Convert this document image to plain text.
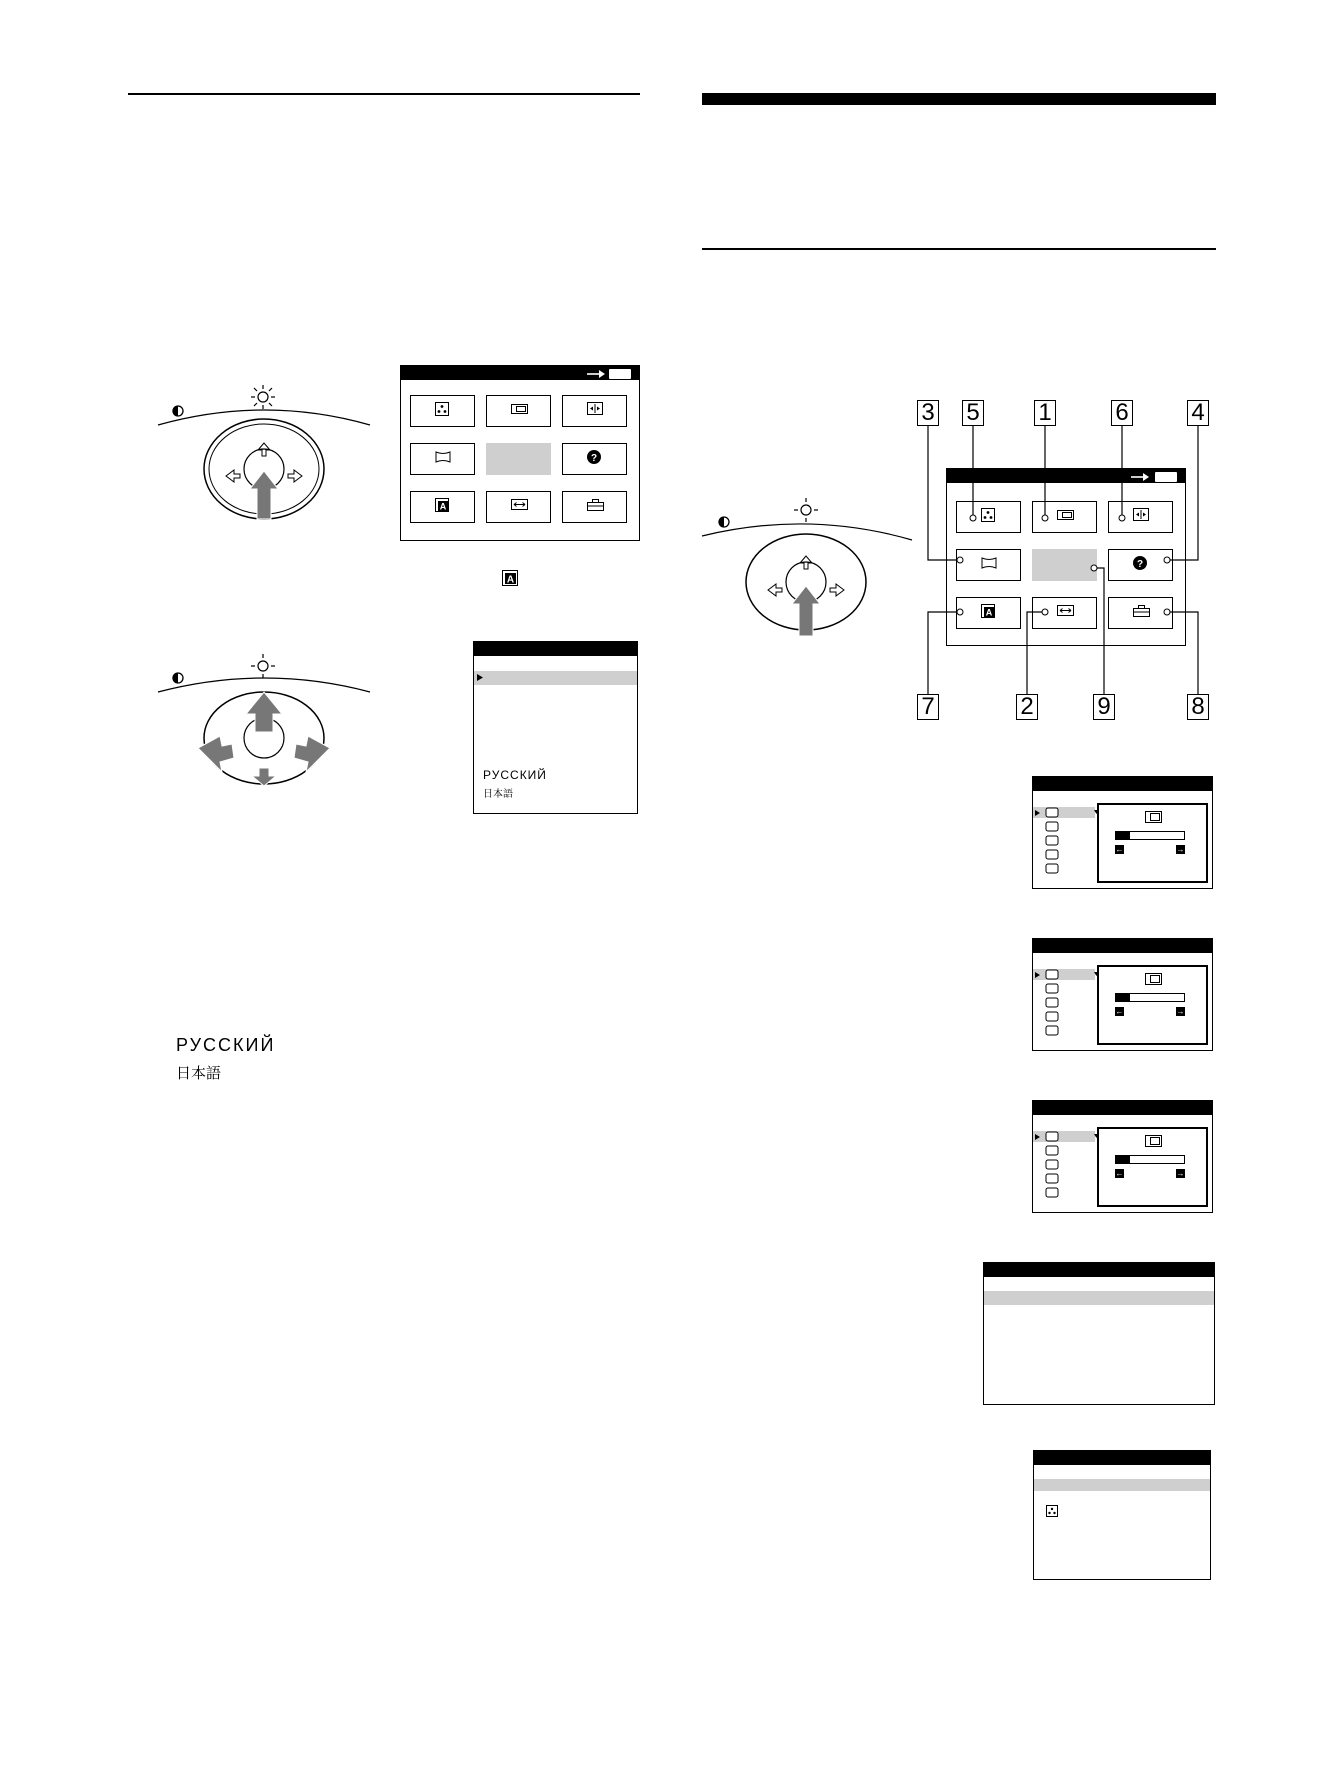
?
A
A
РУССКИЙ
日本語
РУССКИЙ
日本語
3 5 1	6	4
7	2	9	8
?
A
←	→
←	→
←	→
